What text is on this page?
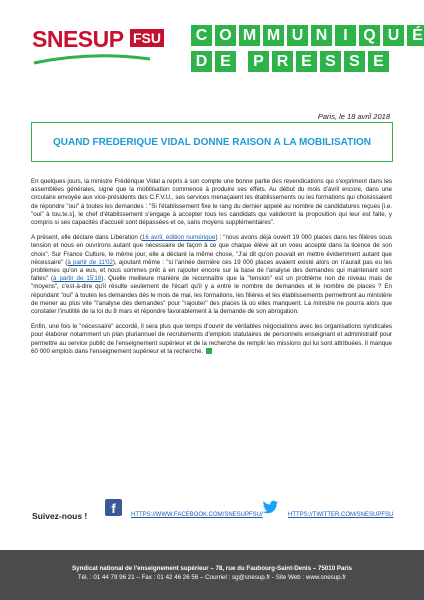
SNESUP FSU C O M M U N I Q U É
D E	P R E S S E
Paris, le 18 avril 2018
QUAND FREDERIQUE VIDAL DONNE RAISON A LA MOBILISATION

En quelques jours, la ministre Frédérique Vidal a repris à son compte une bonne partie des revendications qui s'expriment dans les assemblées générales, signe que la mobilisation commence à produire ses effets. Au début du mois d'avril encore, dans une circulaire envoyée aux vice-présidents des C.F.V.U., ses services menaçaient les établissements ou les formations qui choisissaient de répondre "oui" à toutes les demandes : "Si l'établissement fixe le rang du dernier appelé au nombre de candidatures reçues [i.e. "oui" à tou.te.s], le chef d'établissement s'engage à accepter tous les candidats qui valideront la proposition qui leur est faite, y compris si ses capacités d'accueil sont dépassées et ce, sans moyens supplémentaires".

A présent, elle déclare dans Libération (16 avril, édition numérique) : "nous avons déjà ouvert 19 000 places dans les filières sous tension et nous en ouvrirons autant que nécessaire de façon à ce que chaque élève ait un voeu accepté dans la licence de son choix". Sur France Culture, le même jour, elle a déclaré la même chose, "J'ai dit qu'on pouvait en mettre évidemment autant que nécessaire" (à partir de 11'02), ajoutant même : "si l'année dernière ces 19 000 places avaient existé alors on n'aurait pas eu les problèmes qu'on a eus, et nous sommes prêt à en rajouter encore sur la base de l'analyse des demandes qui maintenant sont faites" (à partir de 15'16). Quelle meilleure manière de reconnaître que la "tension" est un problème non de niveau mais de "moyens", c'est-à-dire qu'il résulte seulement de l'écart qu'il y a entre le nombre de demandes et le nombre de places ? En répondant "oui" à toutes les demandes dès le mois de mai, les formations, les filières et les établissements permettront au ministère de mener au plus vite "l'analyse des demandes" pour "rajouter" des places là où elles manquent. La ministre ne pourra alors que constater l'inutilité de la loi du 8 mars et répondre favorablement à la demande de son abrogation.

Enfin, une fois le "nécessaire" accordé, il sera plus que temps d'ouvrir de véritables négociations avec les organisations syndicales pour élaborer notamment un plan pluriannuel de recrutements d'emplois statutaires de personnels enseignant et administratif pour permettre au service public de l'enseignement supérieur et de la recherche de remplir les missions qui lui sont attribuées. Il manque 60 000 emplois dans l'enseignement supérieur et la recherche.

Suivez-nous !	f	HTTPS://WWW.FACEBOOK.COM/SNESUPFSU/	HTTPS://TWITTER.COM/SNESUPFSU
Syndicat national de l'enseignement supérieur – 78, rue du Faubourg-Saint-Denis – 75010 Paris
Tél. : 01 44 79 96 21 – Fax : 01 42 46 26 56 – Courriel : sg@snesup.fr - Site Web : www.snesup.fr
